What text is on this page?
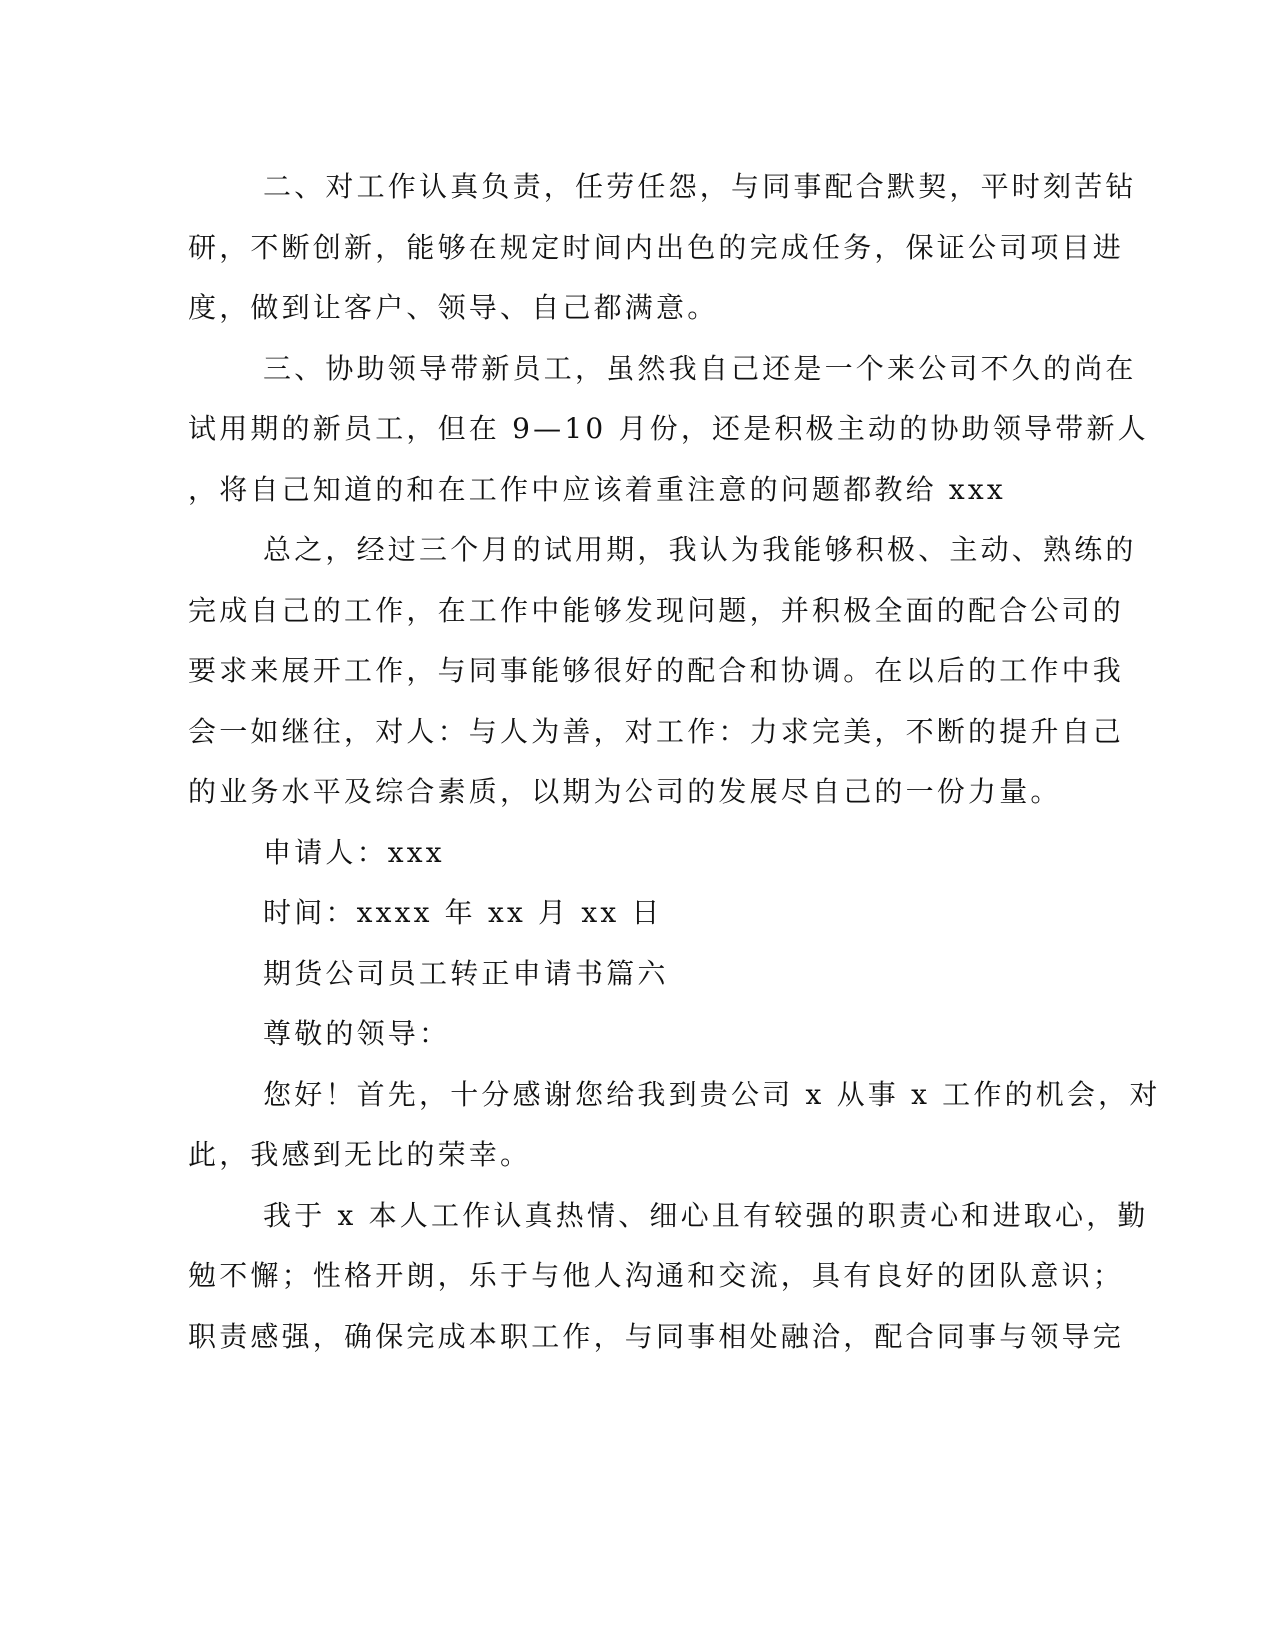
二、对工作认真负责，任劳任怨，与同事配合默契，平时刻苦钻
研，不断创新，能够在规定时间内出色的完成任务，保证公司项目进
度，做到让客户、领导、自己都满意。
三、协助领导带新员工，虽然我自己还是一个来公司不久的尚在
试用期的新员工，但在 9—10 月份，还是积极主动的协助领导带新人
，将自己知道的和在工作中应该着重注意的问题都教给 xxx
总之，经过三个月的试用期，我认为我能够积极、主动、熟练的
完成自己的工作，在工作中能够发现问题，并积极全面的配合公司的
要求来展开工作，与同事能够很好的配合和协调。在以后的工作中我
会一如继往，对人：与人为善，对工作：力求完美，不断的提升自己
的业务水平及综合素质，以期为公司的发展尽自己的一份力量。
申请人：xxx
时间：xxxx 年 xx 月 xx 日
期货公司员工转正申请书篇六
尊敬的领导：
您好！首先，十分感谢您给我到贵公司 x 从事 x 工作的机会，对
此，我感到无比的荣幸。
我于 x 本人工作认真热情、细心且有较强的职责心和进取心，勤
勉不懈；性格开朗，乐于与他人沟通和交流，具有良好的团队意识；
职责感强，确保完成本职工作，与同事相处融洽，配合同事与领导完
